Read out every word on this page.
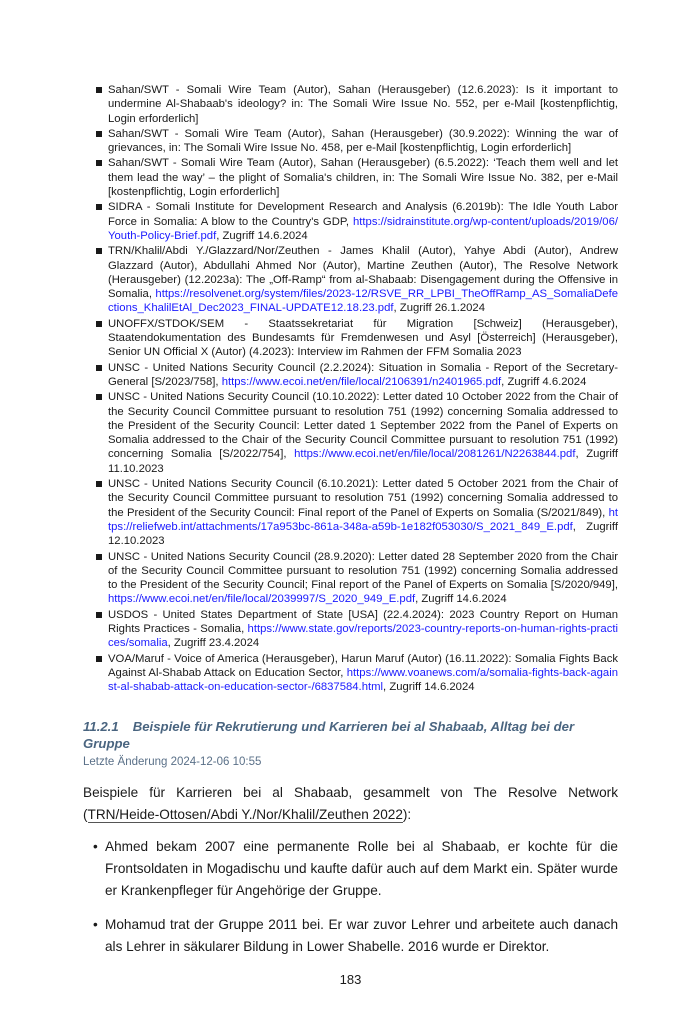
Sahan/SWT - Somali Wire Team (Autor), Sahan (Herausgeber) (12.6.2023): Is it important to undermine Al-Shabaab's ideology? in: The Somali Wire Issue No. 552, per e-Mail [kostenpflichtig, Login erforderlich]
Sahan/SWT - Somali Wire Team (Autor), Sahan (Herausgeber) (30.9.2022): Winning the war of grievances, in: The Somali Wire Issue No. 458, per e-Mail [kostenpflichtig, Login erforderlich]
Sahan/SWT - Somali Wire Team (Autor), Sahan (Herausgeber) (6.5.2022): ‘Teach them well and let them lead the way’ – the plight of Somalia's children, in: The Somali Wire Issue No. 382, per e-Mail [kostenpflichtig, Login erforderlich]
SIDRA - Somali Institute for Development Research and Analysis (6.2019b): The Idle Youth Labor Force in Somalia: A blow to the Country's GDP, https://sidrainstitute.org/wp-content/uploads/2019/06/Youth-Policy-Brief.pdf, Zugriff 14.6.2024
TRN/Khalil/Abdi Y./Glazzard/Nor/Zeuthen - James Khalil (Autor), Yahye Abdi (Autor), Andrew Glazzard (Autor), Abdullahi Ahmed Nor (Autor), Martine Zeuthen (Autor), The Resolve Network (Herausgeber) (12.2023a): The „Off-Ramp“ from al-Shabaab: Disengagement during the Offensive in Somalia, https://resolvenet.org/system/files/2023-12/RSVE_RR_LPBI_TheOffRamp_AS_SomaliaDefections_KhalilEtAl_Dec2023_FINAL-UPDATE12.18.23.pdf, Zugriff 26.1.2024
UNOFFX/STDOK/SEM - Staatssekretariat für Migration [Schweiz] (Herausgeber), Staatendokumentation des Bundesamts für Fremdenwesen und Asyl [Österreich] (Herausgeber), Senior UN Official X (Autor) (4.2023): Interview im Rahmen der FFM Somalia 2023
UNSC - United Nations Security Council (2.2.2024): Situation in Somalia - Report of the Secretary-General [S/2023/758], https://www.ecoi.net/en/file/local/2106391/n2401965.pdf, Zugriff 4.6.2024
UNSC - United Nations Security Council (10.10.2022): Letter dated 10 October 2022 from the Chair of the Security Council Committee pursuant to resolution 751 (1992) concerning Somalia addressed to the President of the Security Council: Letter dated 1 September 2022 from the Panel of Experts on Somalia addressed to the Chair of the Security Council Committee pursuant to resolution 751 (1992) concerning Somalia [S/2022/754], https://www.ecoi.net/en/file/local/2081261/N2263844.pdf, Zugriff 11.10.2023
UNSC - United Nations Security Council (6.10.2021): Letter dated 5 October 2021 from the Chair of the Security Council Committee pursuant to resolution 751 (1992) concerning Somalia addressed to the President of the Security Council: Final report of the Panel of Experts on Somalia (S/2021/849), https://reliefweb.int/attachments/17a953bc-861a-348a-a59b-1e182f053030/S_2021_849_E.pdf, Zugriff 12.10.2023
UNSC - United Nations Security Council (28.9.2020): Letter dated 28 September 2020 from the Chair of the Security Council Committee pursuant to resolution 751 (1992) concerning Somalia addressed to the President of the Security Council; Final report of the Panel of Experts on Somalia [S/2020/949], https://www.ecoi.net/en/file/local/2039997/S_2020_949_E.pdf, Zugriff 14.6.2024
USDOS - United States Department of State [USA] (22.4.2024): 2023 Country Report on Human Rights Practices - Somalia, https://www.state.gov/reports/2023-country-reports-on-human-rights-practices/somalia, Zugriff 23.4.2024
VOA/Maruf - Voice of America (Herausgeber), Harun Maruf (Autor) (16.11.2022): Somalia Fights Back Against Al-Shabab Attack on Education Sector, https://www.voanews.com/a/somalia-fights-back-against-al-shabab-attack-on-education-sector-/6837584.html, Zugriff 14.6.2024
11.2.1 Beispiele für Rekrutierung und Karrieren bei al Shabaab, Alltag bei der Gruppe
Letzte Änderung 2024-12-06 10:55

Beispiele für Karrieren bei al Shabaab, gesammelt von The Resolve Network (TRN/Heide-Ottosen/Abdi Y./Nor/Khalil/Zeuthen 2022):

• Ahmed bekam 2007 eine permanente Rolle bei al Shabaab, er kochte für die Frontsoldaten in Mogadischu und kaufte dafür auch auf dem Markt ein. Später wurde er Krankenpfleger für Angehörige der Gruppe.
• Mohamud trat der Gruppe 2011 bei. Er war zuvor Lehrer und arbeitete auch danach als Lehrer in säkularer Bildung in Lower Shabelle. 2016 wurde er Direktor.
183
